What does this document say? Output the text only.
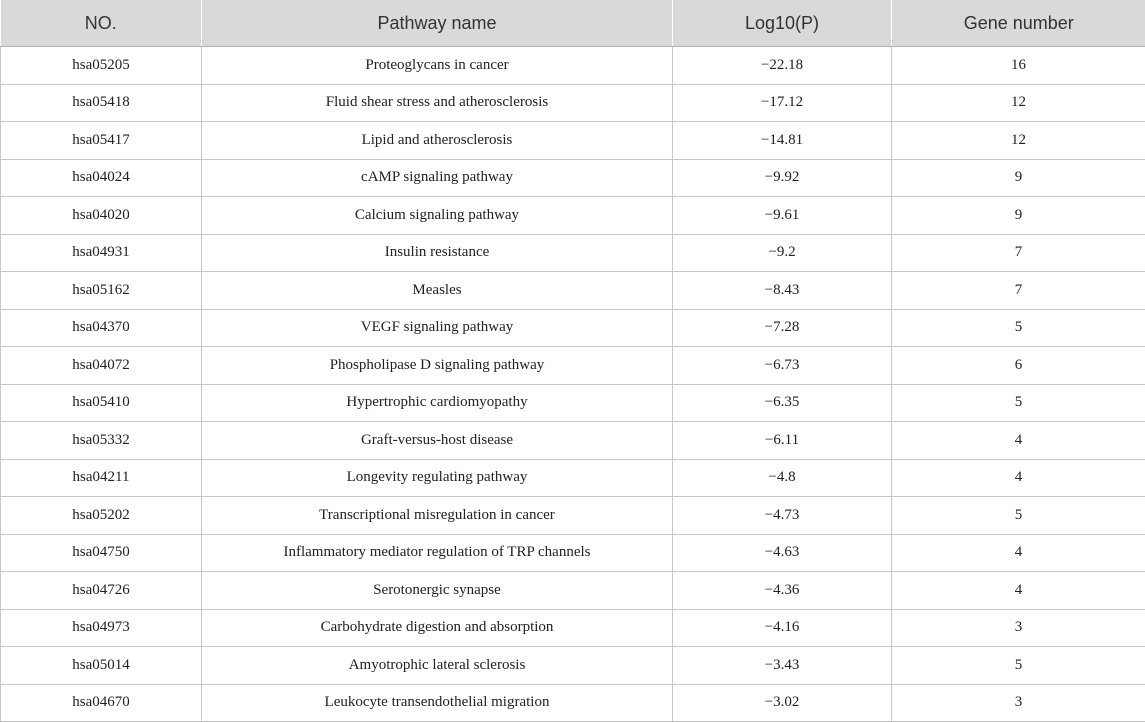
NO.	Pathway name	Log10(P)	Gene number
hsa05205	Proteoglycans in cancer	−22.18	16
hsa05418	Fluid shear stress and atherosclerosis	−17.12	12
hsa05417	Lipid and atherosclerosis	−14.81	12
hsa04024	cAMP signaling pathway	−9.92	9
hsa04020	Calcium signaling pathway	−9.61	9
hsa04931	Insulin resistance	−9.2	7
hsa05162	Measles	−8.43	7
hsa04370	VEGF signaling pathway	−7.28	5
hsa04072	Phospholipase D signaling pathway	−6.73	6
hsa05410	Hypertrophic cardiomyopathy	−6.35	5
hsa05332	Graft-versus-host disease	−6.11	4
hsa04211	Longevity regulating pathway	−4.8	4
hsa05202	Transcriptional misregulation in cancer	−4.73	5
hsa04750	Inflammatory mediator regulation of TRP channels	−4.63	4
hsa04726	Serotonergic synapse	−4.36	4
hsa04973	Carbohydrate digestion and absorption	−4.16	3
hsa05014	Amyotrophic lateral sclerosis	−3.43	5
hsa04670	Leukocyte transendothelial migration	−3.02	3
